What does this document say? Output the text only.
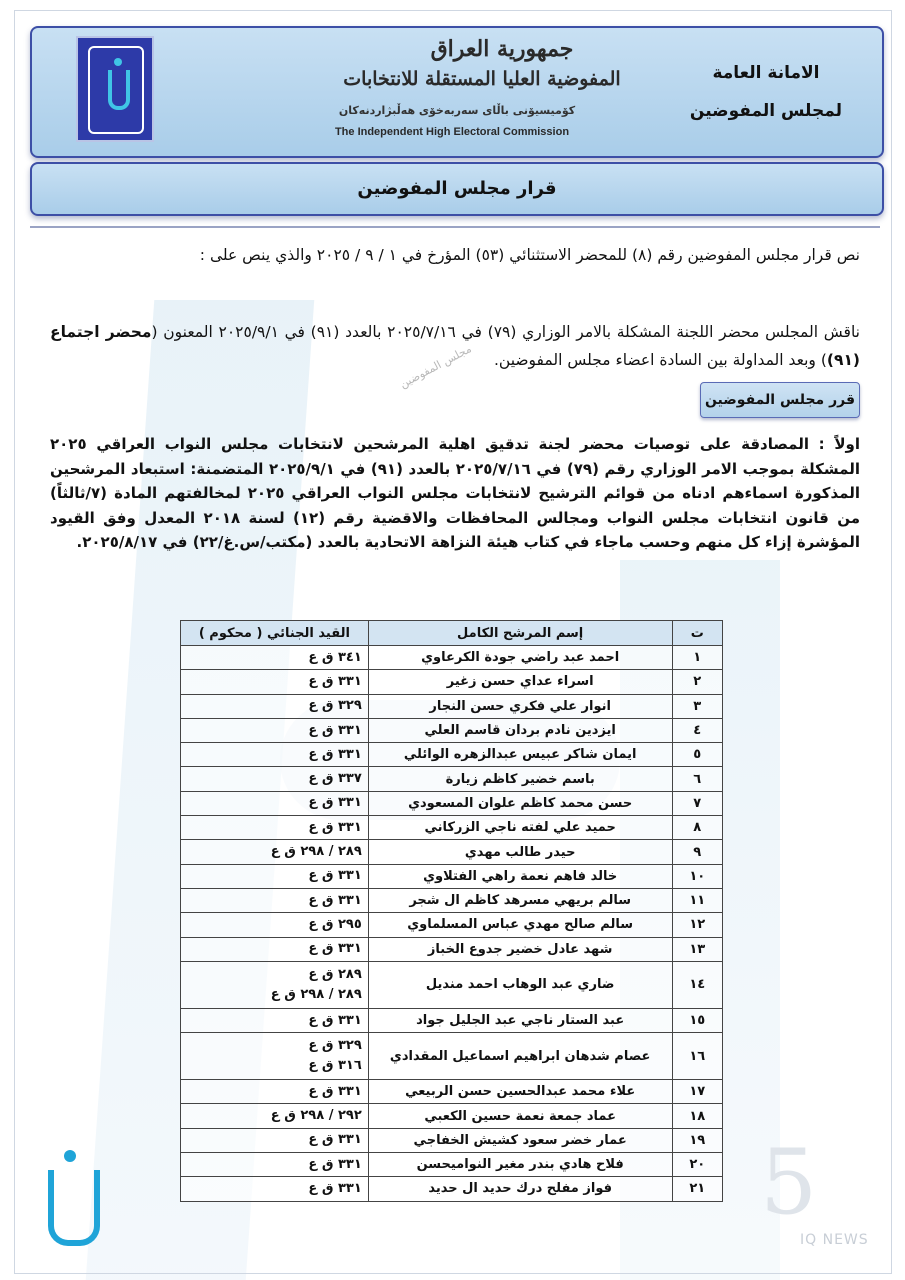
جمهورية العراق
المفوضية العليا المستقلة للانتخابات
کۆمیسیۆنی باڵای سەربەخۆی هەڵبژاردنەکان
The Independent High Electoral Commission
الامانة العامة
لمجلس المفوضين
قرار مجلس المفوضين
نص قرار مجلس المفوضين رقم (٨) للمحضر الاستثنائي (٥٣) المؤرخ في ١ / ٩ / ٢٠٢٥ والذي ينص على :
ناقش المجلس محضر اللجنة المشكلة بالامر الوزاري (٧٩) في ٢٠٢٥/٧/١٦ بالعدد (٩١) في ٢٠٢٥/٩/١ المعنون (محضر اجتماع (٩١)) وبعد المداولة بين السادة اعضاء مجلس المفوضين.
مجلس المفوضين
قرر مجلس المفوضين
اولاً : المصادقة على توصيات محضر لجنة تدقيق اهلية المرشحين لانتخابات مجلس النواب العراقي ٢٠٢٥ المشكلة بموجب الامر الوزاري رقم (٧٩) في ٢٠٢٥/٧/١٦ بالعدد (٩١) في ٢٠٢٥/٩/١ المتضمنة: استبعاد المرشحين المذكورة اسماءهم ادناه من قوائم الترشيح لانتخابات مجلس النواب العراقي ٢٠٢٥ لمخالفتهم المادة (٧/ثالثاً) من قانون انتخابات مجلس النواب ومجالس المحافظات والاقضية رقم (١٢) لسنة ٢٠١٨ المعدل وفق القيود المؤشرة إزاء كل منهم وحسب ماجاء في كتاب هيئة النزاهة الاتحادية بالعدد (مكتب/س.غ/٢٢) في ٢٠٢٥/٨/١٧.
ت	إسم المرشح الكامل	القيد الجنائي ( محكوم )
١	احمد عبد راضي جودة الكرعاوي	٣٤١ ق ع

٢	اسراء عداي حسن زغير	٣٣١ ق ع

٣	انوار علي فكري حسن النجار	٣٢٩ ق ع

٤	ايزدين نادم بردان قاسم العلي	٣٣١ ق ع

٥	ايمان شاكر عبيس عبدالزهره الوائلي	٣٣١ ق ع

٦	باسم خضير كاظم زيارة	٣٣٧ ق ع

٧	حسن محمد كاظم علوان المسعودي	٣٣١ ق ع

٨	حميد علي لفته ناجي الزركاني	٣٣١ ق ع

٩	حيدر طالب مهدي	٢٨٩ / ٢٩٨ ق ع

١٠	خالد فاهم نعمة راهي الفتلاوي	٣٣١ ق ع

١١	سالم بريهي مسرهد كاظم ال شجر	٣٣١ ق ع

١٢	سالم صالح مهدي عباس المسلماوي	٢٩٥ ق ع

١٣	شهد عادل خضير جدوع الخباز	٣٣١ ق ع

١٤	ضاري عبد الوهاب احمد منديل	٢٨٩ ق ع
٢٨٩ / ٢٩٨ ق ع

١٥	عبد الستار ناجي عبد الجليل جواد	٣٣١ ق ع

١٦	عصام شدهان ابراهيم اسماعيل المقدادي	٣٢٩ ق ع
٣١٦ ق ع

١٧	علاء محمد عبدالحسين حسن الربيعي	٣٣١ ق ع

١٨	عماد جمعة نعمة حسين الكعبي	٢٩٢ / ٢٩٨ ق ع

١٩	عمار خضر سعود كشيش الخفاجي	٣٣١ ق ع

٢٠	فلاح هادي بندر مغير النواميحسن	٣٣١ ق ع

٢١	فواز مفلح درك حديد ال حديد	٣٣١ ق ع	5
IQ NEWS
